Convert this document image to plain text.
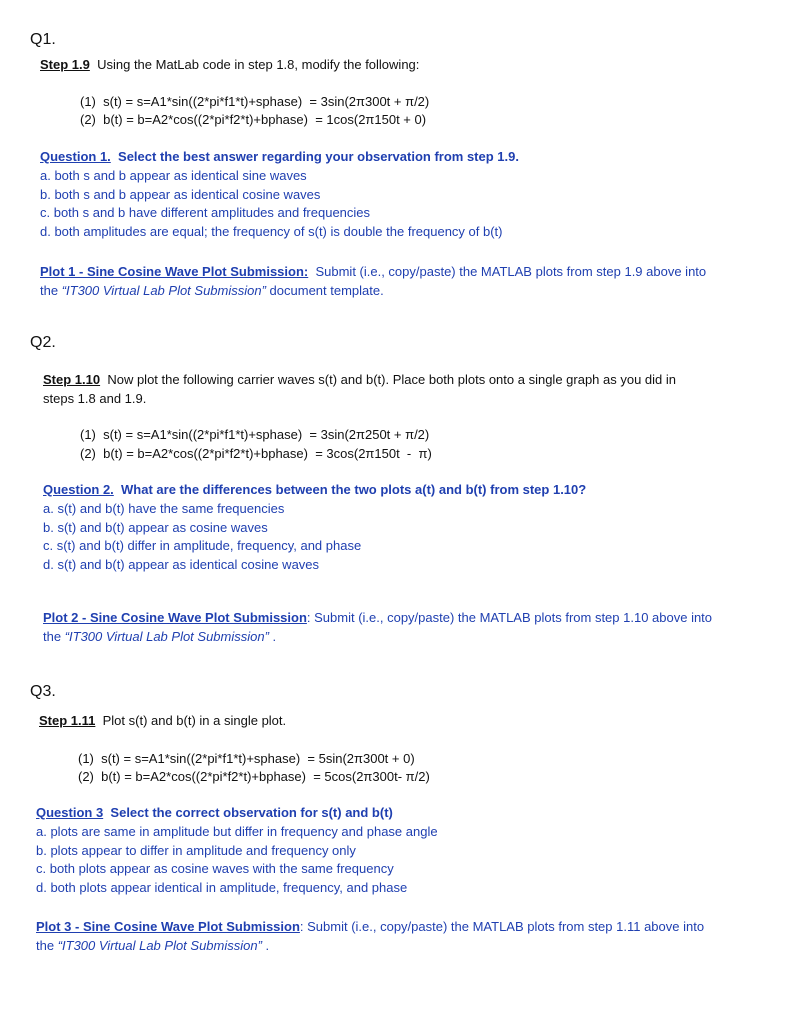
Q1.
Step 1.9 Using the MatLab code in step 1.8, modify the following:
(1)  s(t) = s=A1*sin((2*pi*f1*t)+sphase)  = 3sin(2π300t + π/2)
(2)  b(t) = b=A2*cos((2*pi*f2*t)+bphase)  = 1cos(2π150t + 0)
Question 1. Select the best answer regarding your observation from step 1.9.
a. both s and b appear as identical sine waves
b. both s and b appear as identical cosine waves
c. both s and b have different amplitudes and frequencies
d. both amplitudes are equal; the frequency of s(t) is double the frequency of b(t)
Plot 1 - Sine Cosine Wave Plot Submission: Submit (i.e., copy/paste) the MATLAB plots from step 1.9 above into
the “IT300 Virtual Lab Plot Submission” document template.
Q2.
Step 1.10 Now plot the following carrier waves s(t) and b(t). Place both plots onto a single graph as you did in
steps 1.8 and 1.9.
(1)  s(t) = s=A1*sin((2*pi*f1*t)+sphase)  = 3sin(2π250t + π/2)
(2)  b(t) = b=A2*cos((2*pi*f2*t)+bphase)  = 3cos(2π150t  -  π)
Question 2. What are the differences between the two plots a(t) and b(t) from step 1.10?
a. s(t) and b(t) have the same frequencies
b. s(t) and b(t) appear as cosine waves
c. s(t) and b(t) differ in amplitude, frequency, and phase
d. s(t) and b(t) appear as identical cosine waves
Plot 2 - Sine Cosine Wave Plot Submission: Submit (i.e., copy/paste) the MATLAB plots from step 1.10 above into
the “IT300 Virtual Lab Plot Submission” .
Q3.
Step 1.11 Plot s(t) and b(t) in a single plot.
(1)  s(t) = s=A1*sin((2*pi*f1*t)+sphase)  = 5sin(2π300t + 0)
(2)  b(t) = b=A2*cos((2*pi*f2*t)+bphase)  = 5cos(2π300t- π/2)
Question 3 Select the correct observation for s(t) and b(t)
a. plots are same in amplitude but differ in frequency and phase angle
b. plots appear to differ in amplitude and frequency only
c. both plots appear as cosine waves with the same frequency
d. both plots appear identical in amplitude, frequency, and phase
Plot 3 - Sine Cosine Wave Plot Submission: Submit (i.e., copy/paste) the MATLAB plots from step 1.11 above into
the “IT300 Virtual Lab Plot Submission” .
